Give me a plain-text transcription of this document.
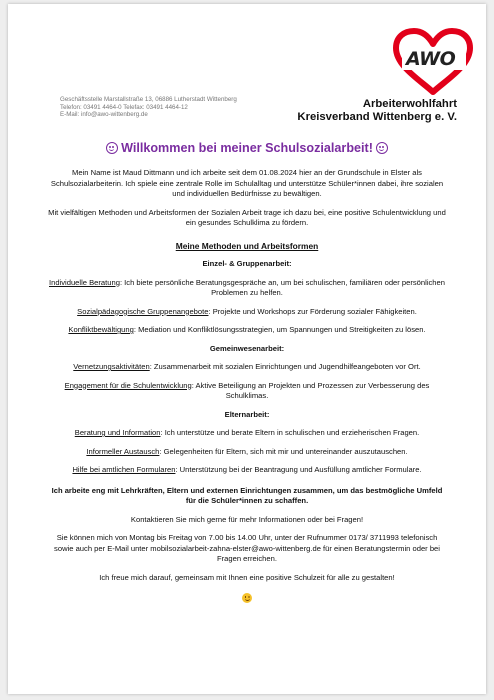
AWO
Geschäftsstelle Marstallstraße 13, 06886 Lutherstadt Wittenberg
Telefon: 03491 4464-0 Telefax: 03491 4464-12
E-Mail: info@awo-wittenberg.de
Arbeiterwohlfahrt
Kreisverband Wittenberg e. V.
Willkommen bei meiner Schulsozialarbeit!

Mein Name ist Maud Dittmann und ich arbeite seit dem 01.08.2024 hier an der Grundschule in Elster als Schulsozialarbeiterin. Ich spiele eine zentrale Rolle im Schulalltag und unterstütze Schüler*innen dabei, ihre sozialen und individuellen Bedürfnisse zu bewältigen.

Mit vielfältigen Methoden und Arbeitsformen der Sozialen Arbeit trage ich dazu bei, eine positive Schulentwicklung und ein gesundes Schulklima zu fördern.

Meine Methoden und Arbeitsformen
Einzel- & Gruppenarbeit:

Individuelle Beratung: Ich biete persönliche Beratungsgespräche an, um bei schulischen, familiären oder persönlichen Problemen zu helfen.

Sozialpädagogische Gruppenangebote: Projekte und Workshops zur Förderung sozialer Fähigkeiten.

Konfliktbewältigung: Mediation und Konfliktlösungsstrategien, um Spannungen und Streitigkeiten zu lösen.

Gemeinwesenarbeit:

Vernetzungsaktivitäten: Zusammenarbeit mit sozialen Einrichtungen und Jugendhilfeangeboten vor Ort.

Engagement für die Schulentwicklung: Aktive Beteiligung an Projekten und Prozessen zur Verbesserung des Schulklimas.

Elternarbeit:

Beratung und Information: Ich unterstütze und berate Eltern in schulischen und erzieherischen Fragen.

Informeller Austausch: Gelegenheiten für Eltern, sich mit mir und untereinander auszutauschen.

Hilfe bei amtlichen Formularen: Unterstützung bei der Beantragung und Ausfüllung amtlicher Formulare.

Ich arbeite eng mit Lehrkräften, Eltern und externen Einrichtungen zusammen, um das bestmögliche Umfeld für die Schüler*innen zu schaffen.

Kontaktieren Sie mich gerne für mehr Informationen oder bei Fragen!

Sie können mich von Montag bis Freitag von 7.00 bis 14.00 Uhr, unter der Rufnummer 0173/ 3711993 telefonisch sowie auch per E-Mail unter mobilsozialarbeit-zahna-elster@awo-wittenberg.de für einen Beratungstermin oder bei Fragen erreichen.

Ich freue mich darauf, gemeinsam mit Ihnen eine positive Schulzeit für alle zu gestalten!
